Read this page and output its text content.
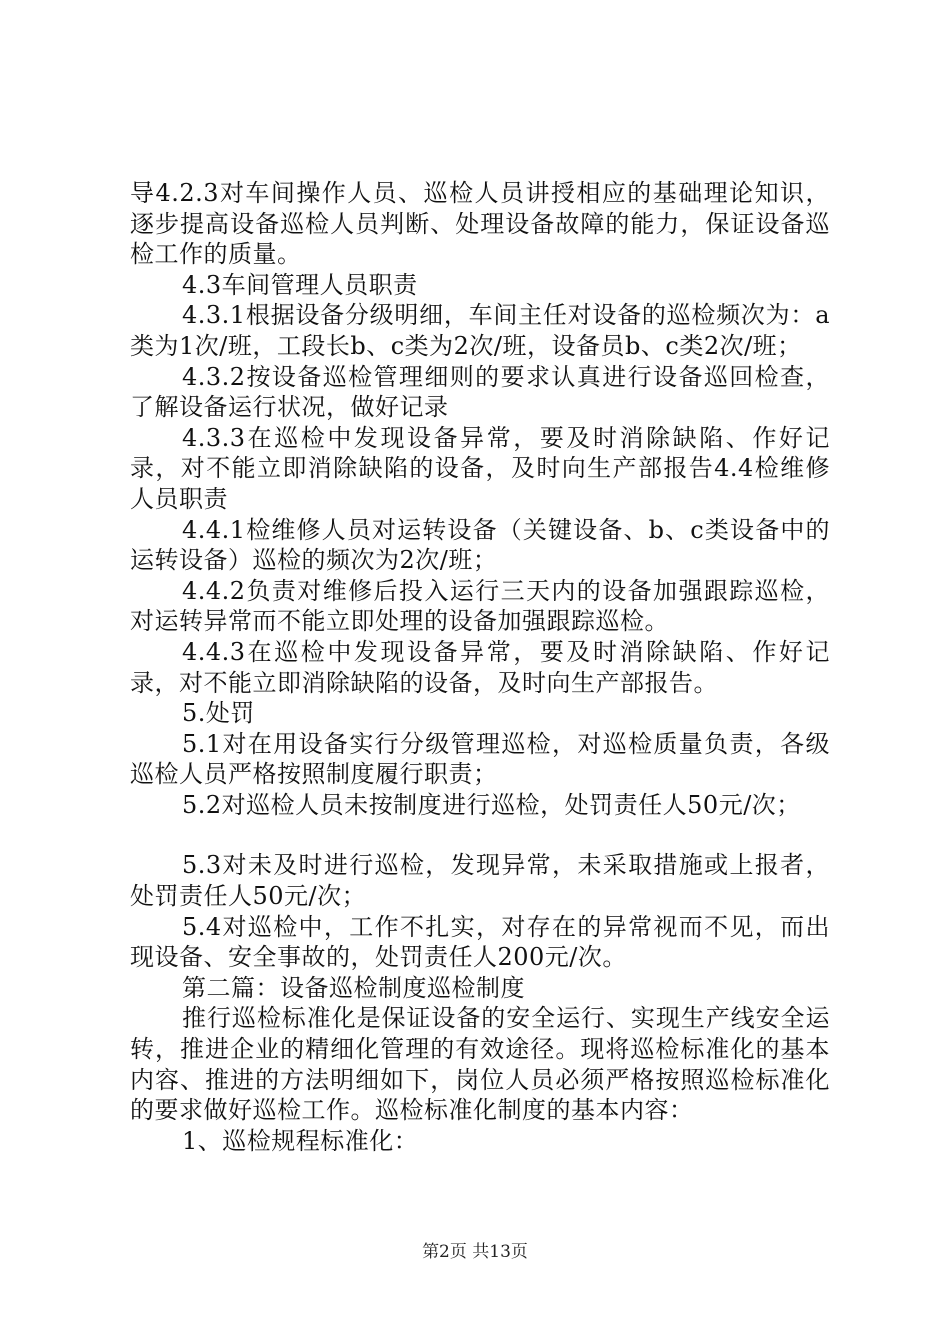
导4.2.3对车间操作人员、巡检人员讲授相应的基础理论知识，逐步提高设备巡检人员判断、处理设备故障的能力，保证设备巡检工作的质量。

4.3车间管理人员职责

4.3.1根据设备分级明细，车间主任对设备的巡检频次为：a类为1次/班，工段长b、c类为2次/班，设备员b、c类2次/班；

4.3.2按设备巡检管理细则的要求认真进行设备巡回检查，了解设备运行状况，做好记录

4.3.3在巡检中发现设备异常，要及时消除缺陷、作好记录，对不能立即消除缺陷的设备，及时向生产部报告4.4检维修人员职责

4.4.1检维修人员对运转设备（关键设备、b、c类设备中的运转设备）巡检的频次为2次/班；

4.4.2负责对维修后投入运行三天内的设备加强跟踪巡检，对运转异常而不能立即处理的设备加强跟踪巡检。

4.4.3在巡检中发现设备异常，要及时消除缺陷、作好记录，对不能立即消除缺陷的设备，及时向生产部报告。

5.处罚

5.1对在用设备实行分级管理巡检，对巡检质量负责，各级巡检人员严格按照制度履行职责；

5.2对巡检人员未按制度进行巡检，处罚责任人50元/次；

5.3对未及时进行巡检，发现异常，未采取措施或上报者，处罚责任人50元/次；

5.4对巡检中，工作不扎实，对存在的异常视而不见，而出现设备、安全事故的，处罚责任人200元/次。

第二篇：设备巡检制度巡检制度

推行巡检标准化是保证设备的安全运行、实现生产线安全运转，推进企业的精细化管理的有效途径。现将巡检标准化的基本内容、推进的方法明细如下，岗位人员必须严格按照巡检标准化的要求做好巡检工作。巡检标准化制度的基本内容：

1、巡检规程标准化：

第2页 共13页
